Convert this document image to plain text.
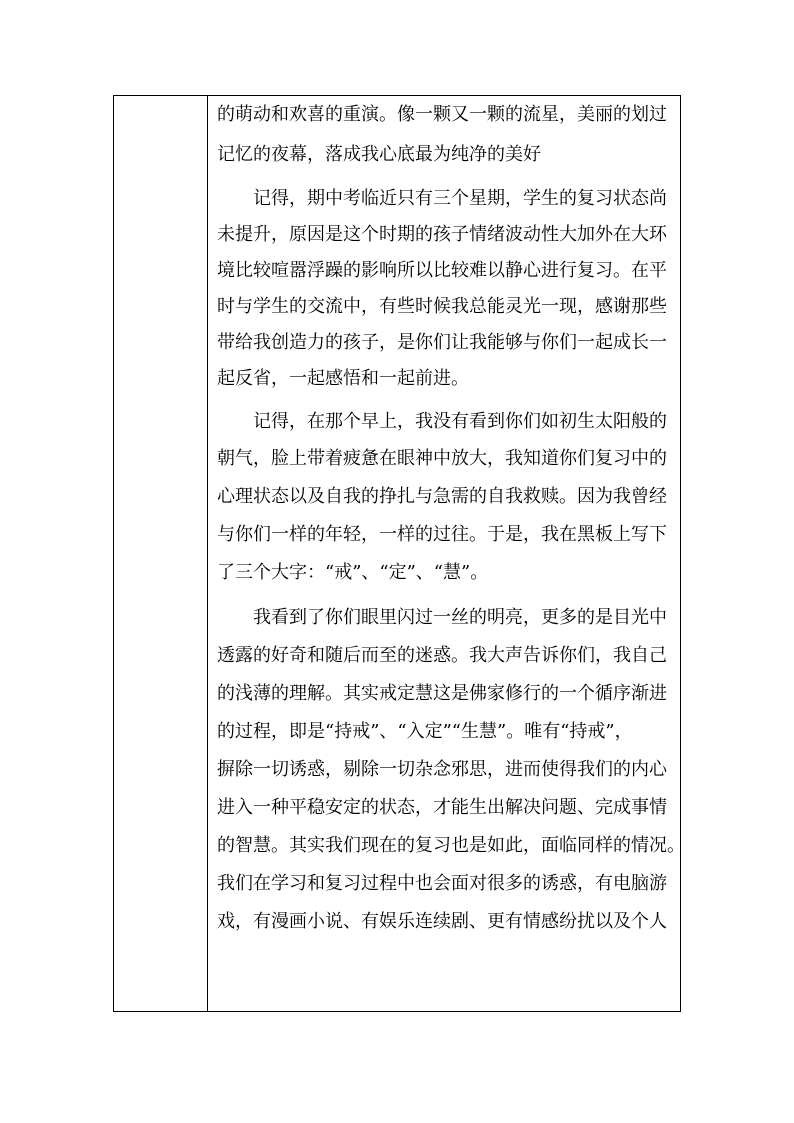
的萌动和欢喜的重演。像一颗又一颗的流星，美丽的划过
记忆的夜幕，落成我心底最为纯净的美好
　　记得，期中考临近只有三个星期，学生的复习状态尚
未提升，原因是这个时期的孩子情绪波动性大加外在大环
境比较喧嚣浮躁的影响所以比较难以静心进行复习。在平
时与学生的交流中，有些时候我总能灵光一现，感谢那些
带给我创造力的孩子，是你们让我能够与你们一起成长一
起反省，一起感悟和一起前进。
　　记得，在那个早上，我没有看到你们如初生太阳般的
朝气，脸上带着疲惫在眼神中放大，我知道你们复习中的
心理状态以及自我的挣扎与急需的自我救赎。因为我曾经
与你们一样的年轻，一样的过往。于是，我在黑板上写下
了三个大字：“戒”、“定”、“慧”。
　　我看到了你们眼里闪过一丝的明亮，更多的是目光中
透露的好奇和随后而至的迷惑。我大声告诉你们，我自己
的浅薄的理解。其实戒定慧这是佛家修行的一个循序渐进
的过程，即是“持戒”、“入定”“生慧”。唯有“持戒”，
摒除一切诱惑，剔除一切杂念邪思，进而使得我们的内心
进入一种平稳安定的状态，才能生出解决问题、完成事情
的智慧。其实我们现在的复习也是如此，面临同样的情况。
我们在学习和复习过程中也会面对很多的诱惑，有电脑游
戏，有漫画小说、有娱乐连续剧、更有情感纷扰以及个人
